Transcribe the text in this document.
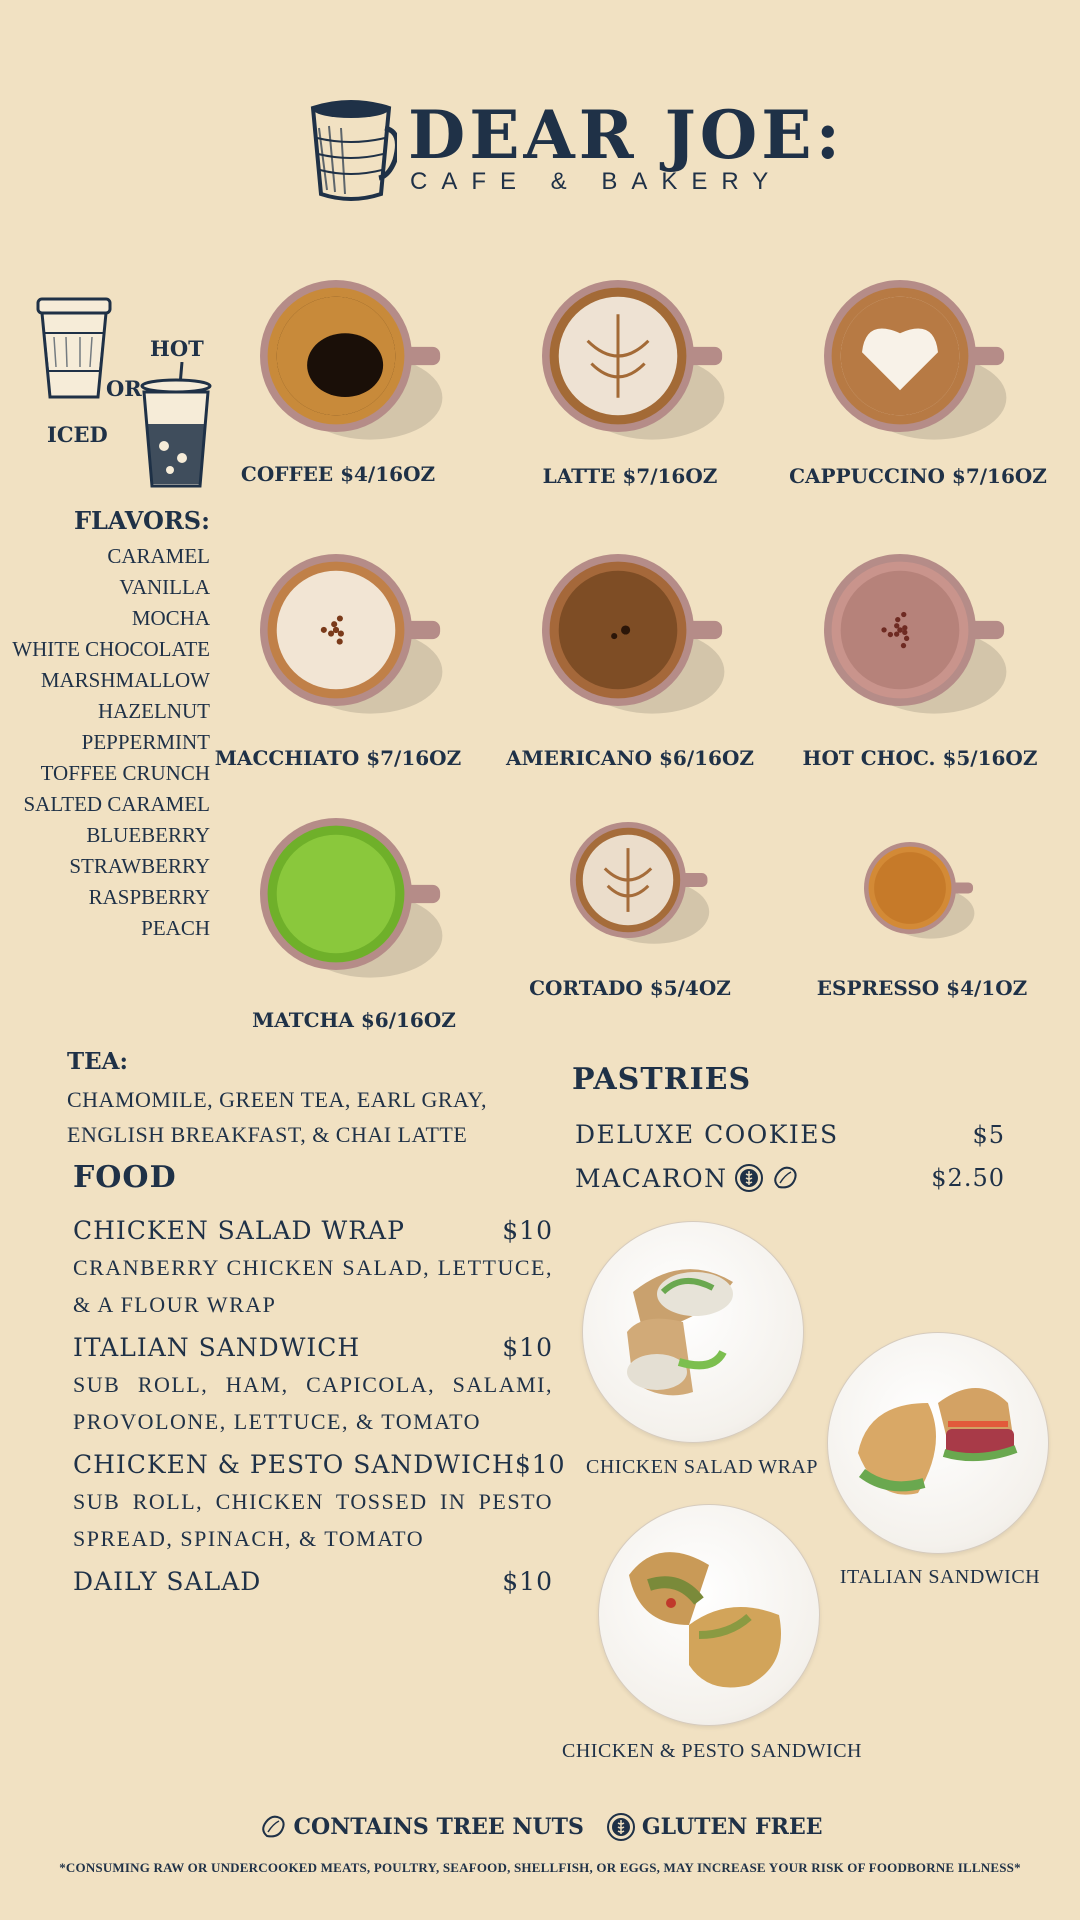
DEAR JOE:
CAFE & BAKERY
HOT
OR
ICED
FLAVORS:
CARAMEL
VANILLA
MOCHA
WHITE CHOCOLATE
MARSHMALLOW
HAZELNUT
PEPPERMINT
TOFFEE CRUNCH
SALTED CARAMEL
BLUEBERRY
STRAWBERRY
RASPBERRY
PEACH
COFFEE $4/16OZ	LATTE $7/16OZ	CAPPUCCINO $7/16OZ
MACCHIATO $7/16OZ AMERICANO $6/16OZ HOT CHOC. $5/16OZ
MATCHA $6/16OZ
CORTADO $5/4OZ	ESPRESSO $4/1OZ
TEA:
CHAMOMILE, GREEN TEA, EARL GRAY, ENGLISH BREAKFAST, & CHAI LATTE
FOOD
CHICKEN SALAD WRAP	$10
CRANBERRY CHICKEN SALAD, LETTUCE, & A FLOUR WRAP
ITALIAN SANDWICH	$10
SUB ROLL, HAM, CAPICOLA, SALAMI, PROVOLONE, LETTUCE, & TOMATO
CHICKEN & PESTO SANDWICH $10
SUB ROLL, CHICKEN TOSSED IN PESTO SPREAD, SPINACH, & TOMATO
DAILY SALAD	$10
PASTRIES
DELUXE COOKIES	$5
MACARON	$2.50
CHICKEN SALAD WRAP
ITALIAN SANDWICH
CHICKEN & PESTO SANDWICH
CONTAINS TREE NUTS	GLUTEN FREE
*CONSUMING RAW OR UNDERCOOKED MEATS, POULTRY, SEAFOOD, SHELLFISH, OR EGGS, MAY INCREASE YOUR RISK OF FOODBORNE ILLNESS*
